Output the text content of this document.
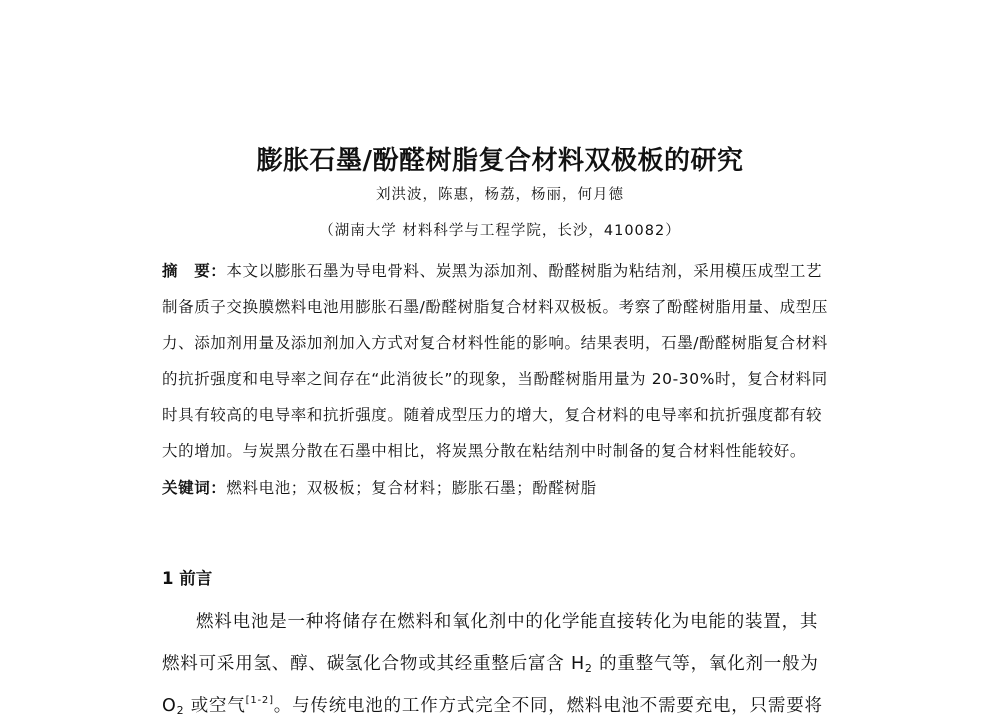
膨胀石墨/酚醛树脂复合材料双极板的研究
刘洪波，陈惠，杨荔，杨丽，何月德
（湖南大学 材料科学与工程学院，长沙，410082）
摘　要：本文以膨胀石墨为导电骨料、炭黑为添加剂、酚醛树脂为粘结剂，采用模压成型工艺
制备质子交换膜燃料电池用膨胀石墨/酚醛树脂复合材料双极板。考察了酚醛树脂用量、成型压
力、添加剂用量及添加剂加入方式对复合材料性能的影响。结果表明，石墨/酚醛树脂复合材料
的抗折强度和电导率之间存在“此消彼长”的现象，当酚醛树脂用量为 20-30%时，复合材料同
时具有较高的电导率和抗折强度。随着成型压力的增大，复合材料的电导率和抗折强度都有较
大的增加。与炭黑分散在石墨中相比，将炭黑分散在粘结剂中时制备的复合材料性能较好。
关键词：燃料电池；双极板；复合材料；膨胀石墨；酚醛树脂
1 前言
燃料电池是一种将储存在燃料和氧化剂中的化学能直接转化为电能的装置，其
燃料可采用氢、醇、碳氢化合物或其经重整后富含 $H_2$ 的重整气等，氧化剂一般为
$O_2$ 或空气[1-2]。与传统电池的工作方式完全不同，燃料电池不需要充电，只需要将
